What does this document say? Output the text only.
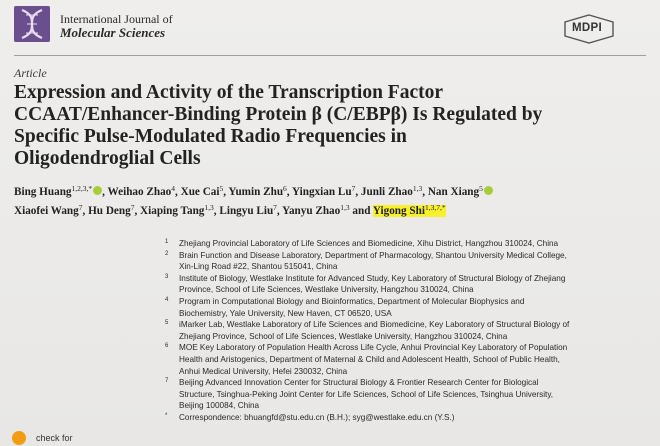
International Journal of
Molecular Sciences	MDPI
Article
Expression and Activity of the Transcription Factor
CCAAT/Enhancer-Binding Protein β (C/EBPβ) Is Regulated by
Specific Pulse-Modulated Radio Frequencies in
Oligodendroglial Cells
Bing Huang$^{1,2,3,*}$ , Weihao Zhao$^4$, Xue Cai$^5$, Yumin Zhu$^6$, Yingxian Lu$^7$, Junli Zhao$^{1,3}$, Nan Xiang$^5$
Xiaofei Wang$^7$, Hu Deng$^7$, Xiaping Tang$^{1,3}$, Lingyu Liu$^7$, Yanyu Zhao$^{1,3}$ and Yigong Shi$^{1,3,7,*}$
1 Zhejiang Provincial Laboratory of Life Sciences and Biomedicine, Xihu District, Hangzhou 310024, China
2 Brain Function and Disease Laboratory, Department of Pharmacology, Shantou University Medical College,
Xin-Ling Road #22, Shantou 515041, China
3 Institute of Biology, Westlake Institute for Advanced Study, Key Laboratory of Structural Biology of Zhejiang
Province, School of Life Sciences, Westlake University, Hangzhou 310024, China
4 Program in Computational Biology and Bioinformatics, Department of Molecular Biophysics and
Biochemistry, Yale University, New Haven, CT 06520, USA
5 iMarker Lab, Westlake Laboratory of Life Sciences and Biomedicine, Key Laboratory of Structural Biology of
Zhejiang Province, School of Life Sciences, Westlake University, Hangzhou 310024, China
6 MOE Key Laboratory of Population Health Across Life Cycle, Anhui Provincial Key Laboratory of Population
Health and Aristogenics, Department of Maternal & Child and Adolescent Health, School of Public Health,
Anhui Medical University, Hefei 230032, China
7 Beijing Advanced Innovation Center for Structural Biology & Frontier Research Center for Biological
Structure, Tsinghua-Peking Joint Center for Life Sciences, School of Life Sciences, Tsinghua University,
Beijing 100084, China
* Correspondence: bhuangfd@stu.edu.cn (B.H.); syg@westlake.edu.cn (Y.S.)
check for
